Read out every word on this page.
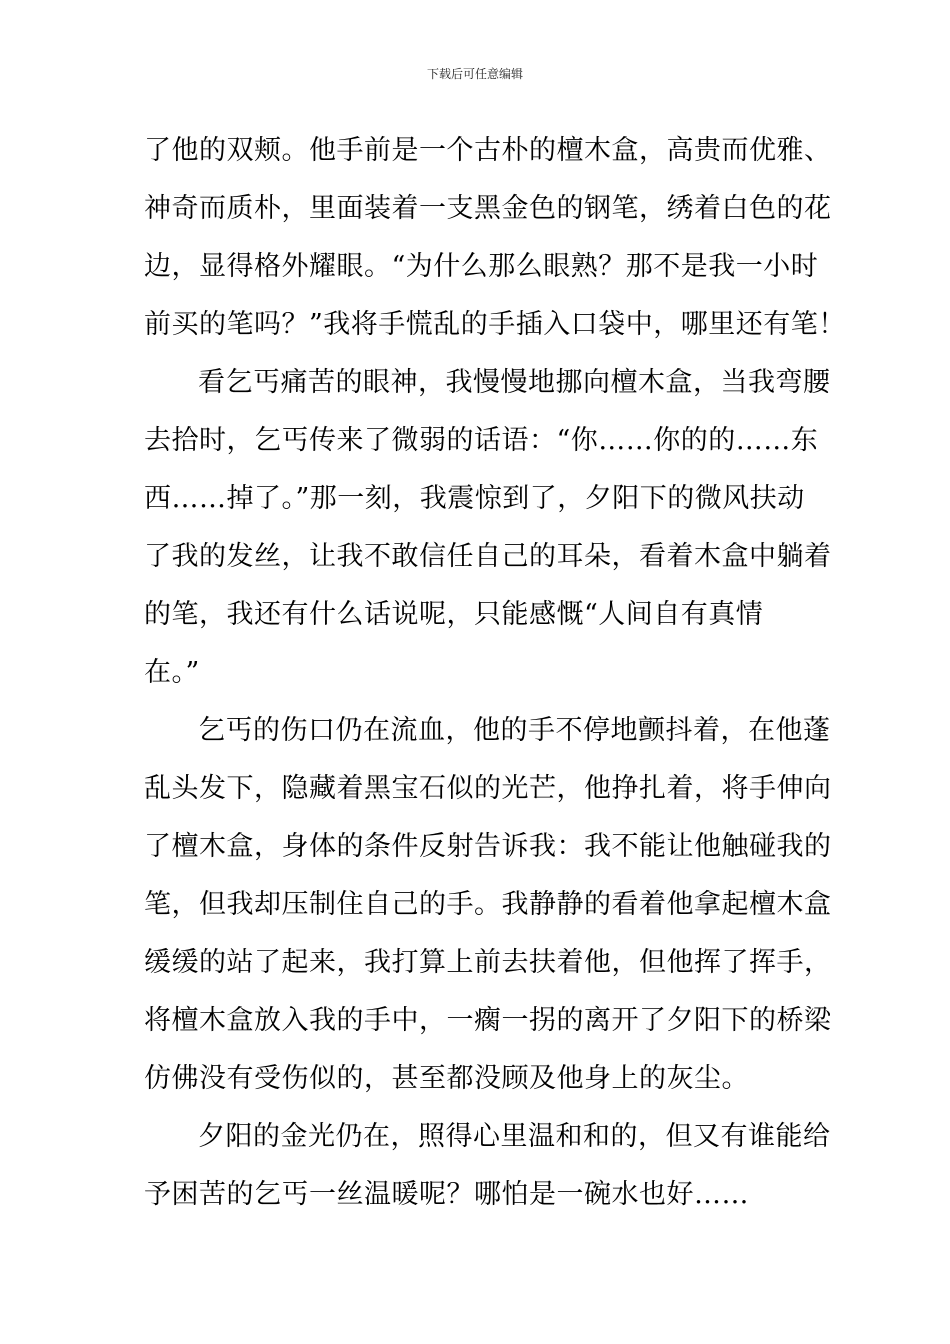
下载后可任意编辑
了他的双颊。他手前是一个古朴的檀木盒，高贵而优雅、
神奇而质朴，里面装着一支黑金色的钢笔，绣着白色的花
边，显得格外耀眼。“为什么那么眼熟？那不是我一小时
前买的笔吗？”我将手慌乱的手插入口袋中，哪里还有笔！
看乞丐痛苦的眼神，我慢慢地挪向檀木盒，当我弯腰
去拾时，乞丐传来了微弱的话语：“你……你的的……东
西……掉了。”那一刻，我震惊到了，夕阳下的微风扶动
了我的发丝，让我不敢信任自己的耳朵，看着木盒中躺着
的笔，我还有什么话说呢，只能感慨“人间自有真情
在。”
乞丐的伤口仍在流血，他的手不停地颤抖着，在他蓬
乱头发下，隐藏着黑宝石似的光芒，他挣扎着，将手伸向
了檀木盒，身体的条件反射告诉我：我不能让他触碰我的
笔，但我却压制住自己的手。我静静的看着他拿起檀木盒
缓缓的站了起来，我打算上前去扶着他，但他挥了挥手，
将檀木盒放入我的手中，一瘸一拐的离开了夕阳下的桥梁
仿佛没有受伤似的，甚至都没顾及他身上的灰尘。
夕阳的金光仍在，照得心里温和和的，但又有谁能给
予困苦的乞丐一丝温暖呢？哪怕是一碗水也好……
